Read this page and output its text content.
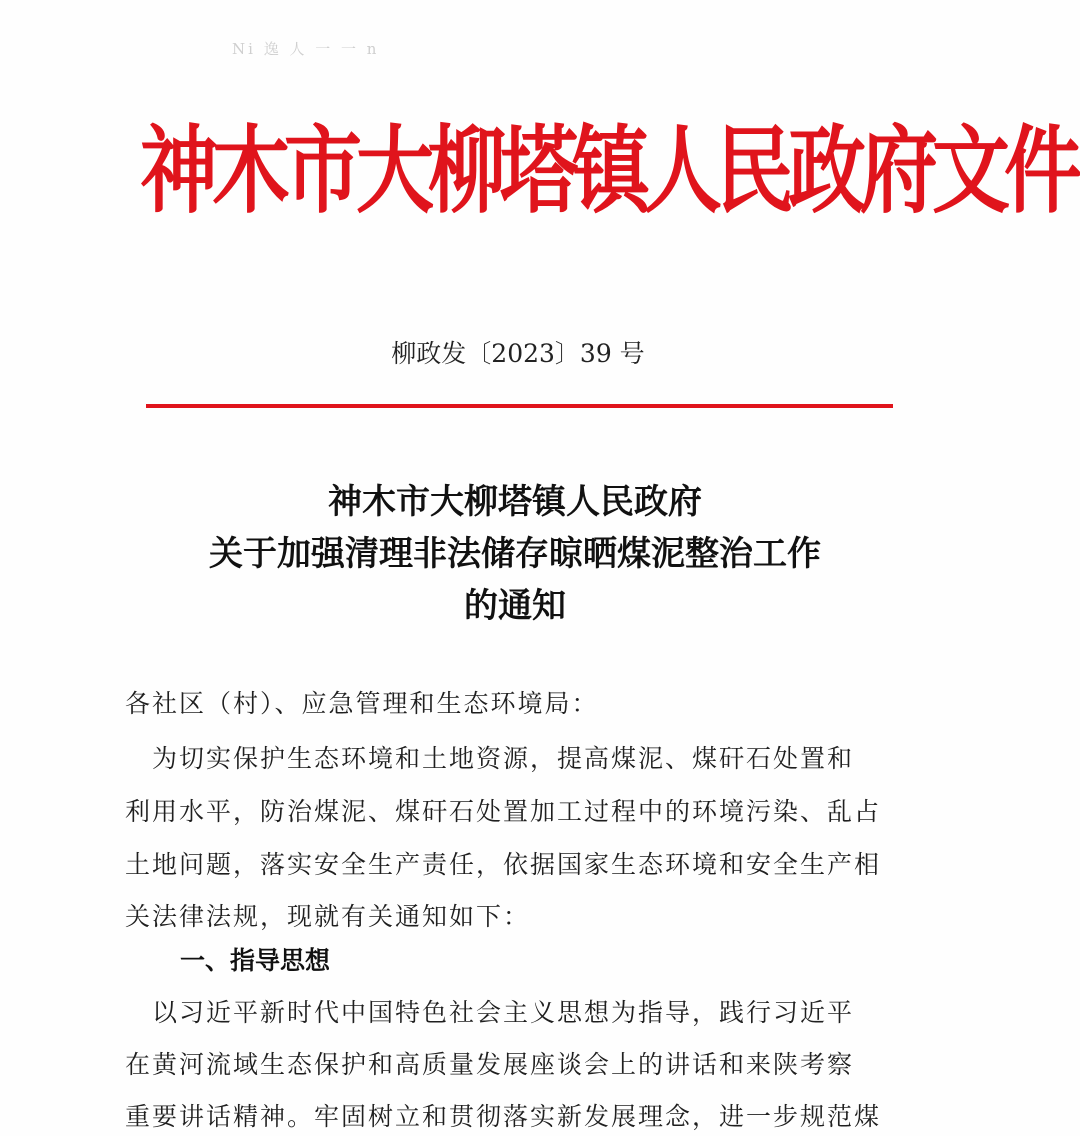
Ni 逸 人 一 一 n
神木市大柳塔镇人民政府文件
柳政发〔2023〕39 号
神木市大柳塔镇人民政府
关于加强清理非法储存晾晒煤泥整治工作
的通知
各社区（村）、应急管理和生态环境局：
　为切实保护生态环境和土地资源，提高煤泥、煤矸石处置和
利用水平，防治煤泥、煤矸石处置加工过程中的环境污染、乱占
土地问题，落实安全生产责任，依据国家生态环境和安全生产相
关法律法规，现就有关通知如下：
一、指导思想
　以习近平新时代中国特色社会主义思想为指导，践行习近平
在黄河流域生态保护和高质量发展座谈会上的讲话和来陕考察
重要讲话精神。牢固树立和贯彻落实新发展理念，进一步规范煤
